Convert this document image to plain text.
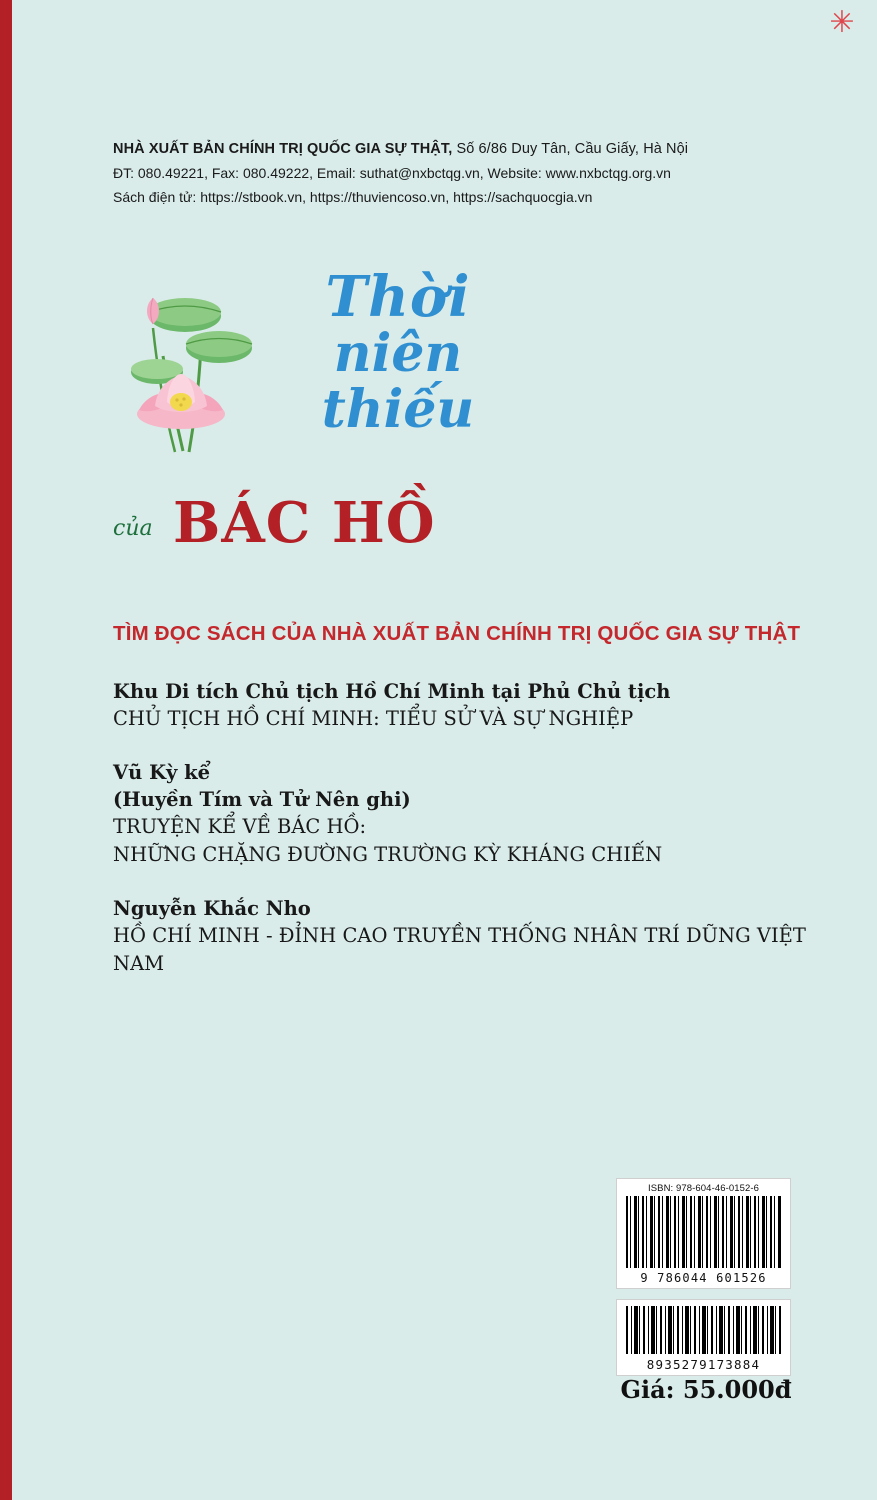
✳
NHÀ XUẤT BẢN CHÍNH TRỊ QUỐC GIA SỰ THẬT, Số 6/86 Duy Tân, Cầu Giấy, Hà Nội
ĐT: 080.49221, Fax: 080.49222, Email: suthat@nxbctqg.vn, Website: www.nxbctqg.org.vn
Sách điện tử: https://stbook.vn, https://thuviencoso.vn, https://sachquocgia.vn
Thời
niên
thiếu
của BÁC HỒ
TÌM ĐỌC SÁCH CỦA NHÀ XUẤT BẢN CHÍNH TRỊ QUỐC GIA SỰ THẬT
Khu Di tích Chủ tịch Hồ Chí Minh tại Phủ Chủ tịch
CHỦ TỊCH HỒ CHÍ MINH: TIỂU SỬ VÀ SỰ NGHIỆP
Vũ Kỳ kể
(Huyền Tím và Tử Nên ghi)
TRUYỆN KỂ VỀ BÁC HỒ:
NHỮNG CHẶNG ĐƯỜNG TRƯỜNG KỲ KHÁNG CHIẾN
Nguyễn Khắc Nho
HỒ CHÍ MINH - ĐỈNH CAO TRUYỀN THỐNG NHÂN TRÍ DŨNG VIỆT NAM
ISBN: 978-604-46-0152-6
9 786044 601526
8935279173884
Giá: 55.000đ
